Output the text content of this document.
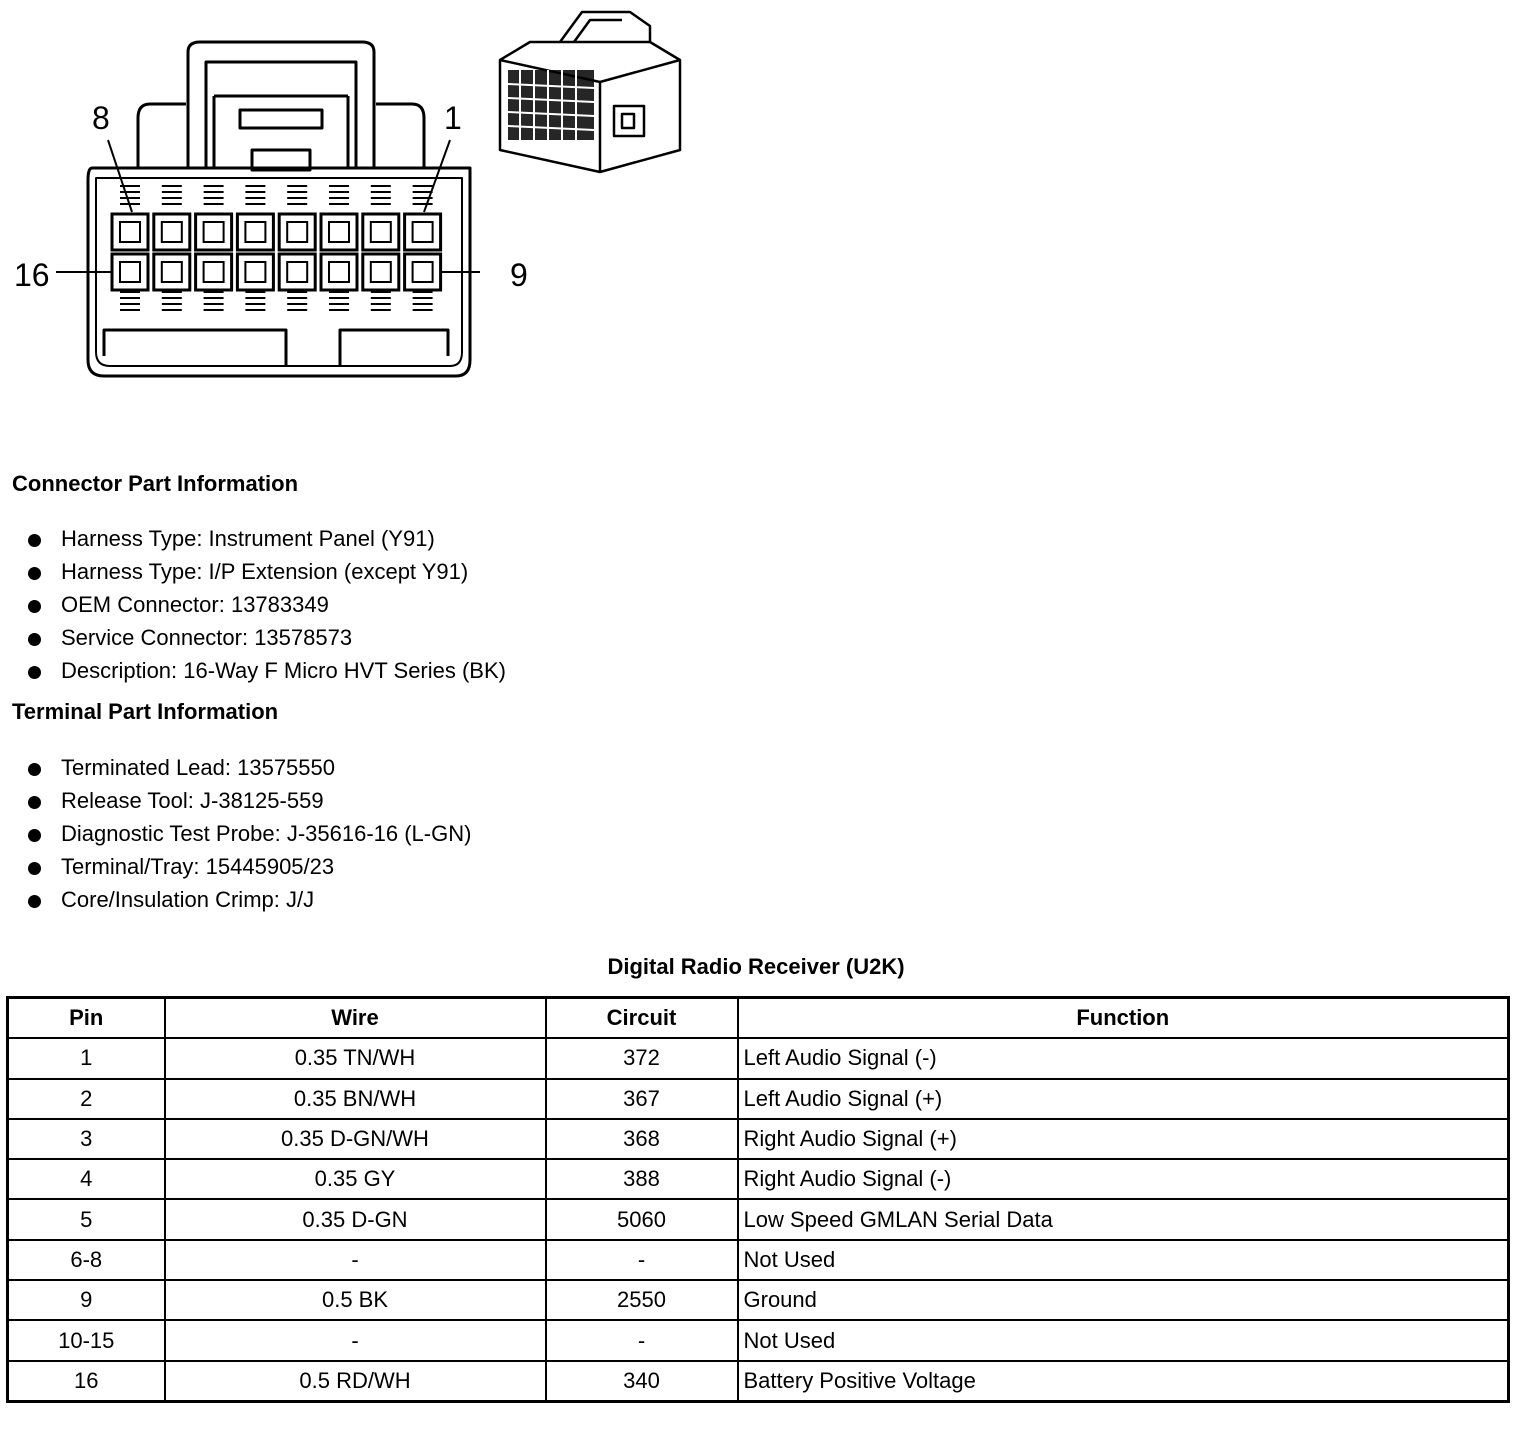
8	1
16	9
Connector Part Information
Harness Type: Instrument Panel (Y91)
Harness Type: I/P Extension (except Y91)
OEM Connector: 13783349
Service Connector: 13578573
Description: 16-Way F Micro HVT Series (BK)
Terminal Part Information
Terminated Lead: 13575550
Release Tool: J-38125-559
Diagnostic Test Probe: J-35616-16 (L-GN)
Terminal/Tray: 15445905/23
Core/Insulation Crimp: J/J
Digital Radio Receiver (U2K)
Pin	Wire	Circuit	Function
1	0.35 TN/WH	372	Left Audio Signal (-)
2	0.35 BN/WH	367	Left Audio Signal (+)
3	0.35 D-GN/WH	368	Right Audio Signal (+)
4	0.35 GY	388	Right Audio Signal (-)
5	0.35 D-GN	5060	Low Speed GMLAN Serial Data
6-8	-	-	Not Used
9	0.5 BK	2550	Ground
10-15	-	-	Not Used
16	0.5 RD/WH	340	Battery Positive Voltage
